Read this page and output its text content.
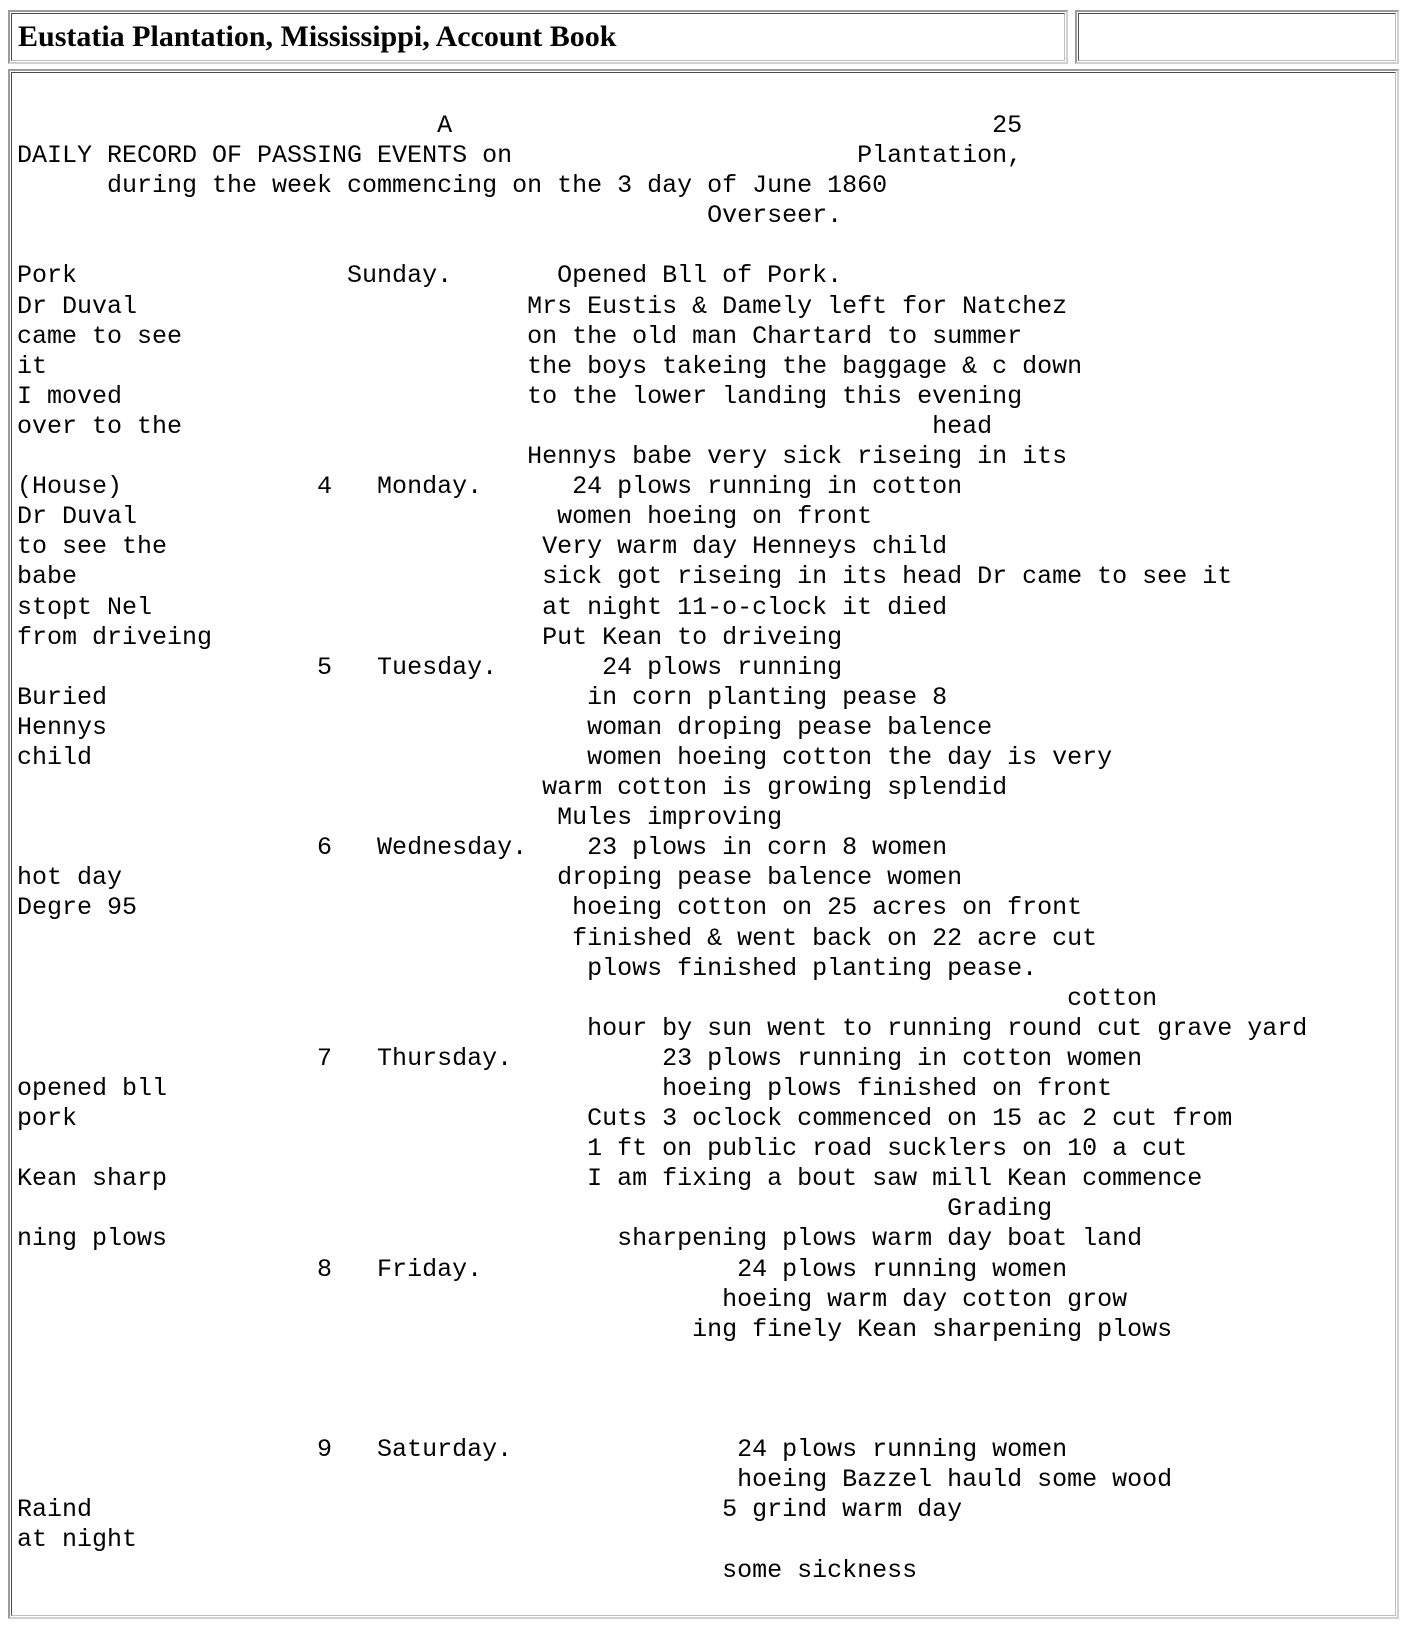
Eustatia Plantation, Mississippi, Account Book
A                                    25
DAILY RECORD OF PASSING EVENTS on                       Plantation,
during the week commencing on the 3 day of June 1860
Overseer.

Pork                  Sunday.       Opened Bll of Pork.
Dr Duval                          Mrs Eustis & Damely left for Natchez
came to see                       on the old man Chartard to summer
it                                the boys takeing the baggage & c down
I moved                           to the lower landing this evening
over to the                                                  head
Hennys babe very sick riseing in its
(House)             4   Monday.      24 plows running in cotton
Dr Duval                            women hoeing on front
to see the                         Very warm day Henneys child
babe                               sick got riseing in its head Dr came to see it
stopt Nel                          at night 11-o-clock it died
from driveing                      Put Kean to driveing
5   Tuesday.       24 plows running
Buried                                in corn planting pease 8
Hennys                                woman droping pease balence
child                                 women hoeing cotton the day is very
warm cotton is growing splendid
Mules improving
6   Wednesday.    23 plows in corn 8 women
hot day                             droping pease balence women
Degre 95                             hoeing cotton on 25 acres on front
finished & went back on 22 acre cut
plows finished planting pease.
cotton
hour by sun went to running round cut grave yard
7   Thursday.          23 plows running in cotton women
opened bll                                 hoeing plows finished on front
pork                                  Cuts 3 oclock commenced on 15 ac 2 cut from
1 ft on public road sucklers on 10 a cut
Kean sharp                            I am fixing a bout saw mill Kean commence
Grading
ning plows                              sharpening plows warm day boat land
8   Friday.                 24 plows running women
hoeing warm day cotton grow
ing finely Kean sharpening plows

9   Saturday.               24 plows running women
hoeing Bazzel hauld some wood
Raind                                          5 grind warm day
at night
some sickness
